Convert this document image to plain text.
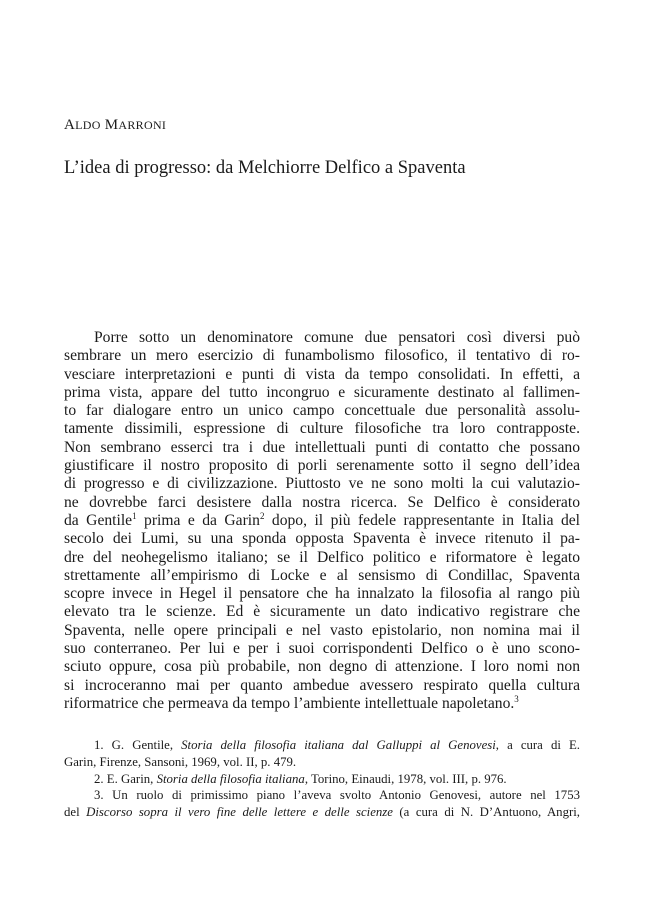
ALDO MARRONI
L’idea di progresso: da Melchiorre Delfico a Spaventa
Porre sotto un denominatore comune due pensatori così diversi può
sembrare un mero esercizio di funambolismo filosofico, il tentativo di ro-
vesciare interpretazioni e punti di vista da tempo consolidati. In effetti, a
prima vista, appare del tutto incongruo e sicuramente destinato al fallimen-
to far dialogare entro un unico campo concettuale due personalità assolu-
tamente dissimili, espressione di culture filosofiche tra loro contrapposte.
Non sembrano esserci tra i due intellettuali punti di contatto che possano
giustificare il nostro proposito di porli serenamente sotto il segno dell’idea
di progresso e di civilizzazione. Piuttosto ve ne sono molti la cui valutazio-
ne dovrebbe farci desistere dalla nostra ricerca. Se Delfico è considerato
da Gentile$^1$ prima e da Garin$^2$ dopo, il più fedele rappresentante in Italia del
secolo dei Lumi, su una sponda opposta Spaventa è invece ritenuto il pa-
dre del neohegelismo italiano; se il Delfico politico e riformatore è legato
strettamente all’empirismo di Locke e al sensismo di Condillac, Spaventa
scopre invece in Hegel il pensatore che ha innalzato la filosofia al rango più
elevato tra le scienze. Ed è sicuramente un dato indicativo registrare che
Spaventa, nelle opere principali e nel vasto epistolario, non nomina mai il
suo conterraneo. Per lui e per i suoi corrispondenti Delfico o è uno scono-
sciuto oppure, cosa più probabile, non degno di attenzione. I loro nomi non
si incroceranno mai per quanto ambedue avessero respirato quella cultura
riformatrice che permeava da tempo l’ambiente intellettuale napoletano.$^3$
1. G. Gentile, Storia della filosofia italiana dal Galluppi al Genovesi, a cura di E.
Garin, Firenze, Sansoni, 1969, vol. II, p. 479.
2. E. Garin, Storia della filosofia italiana, Torino, Einaudi, 1978, vol. III, p. 976.
3. Un ruolo di primissimo piano l’aveva svolto Antonio Genovesi, autore nel 1753
del Discorso sopra il vero fine delle lettere e delle scienze (a cura di N. D’Antuono, Angri,
